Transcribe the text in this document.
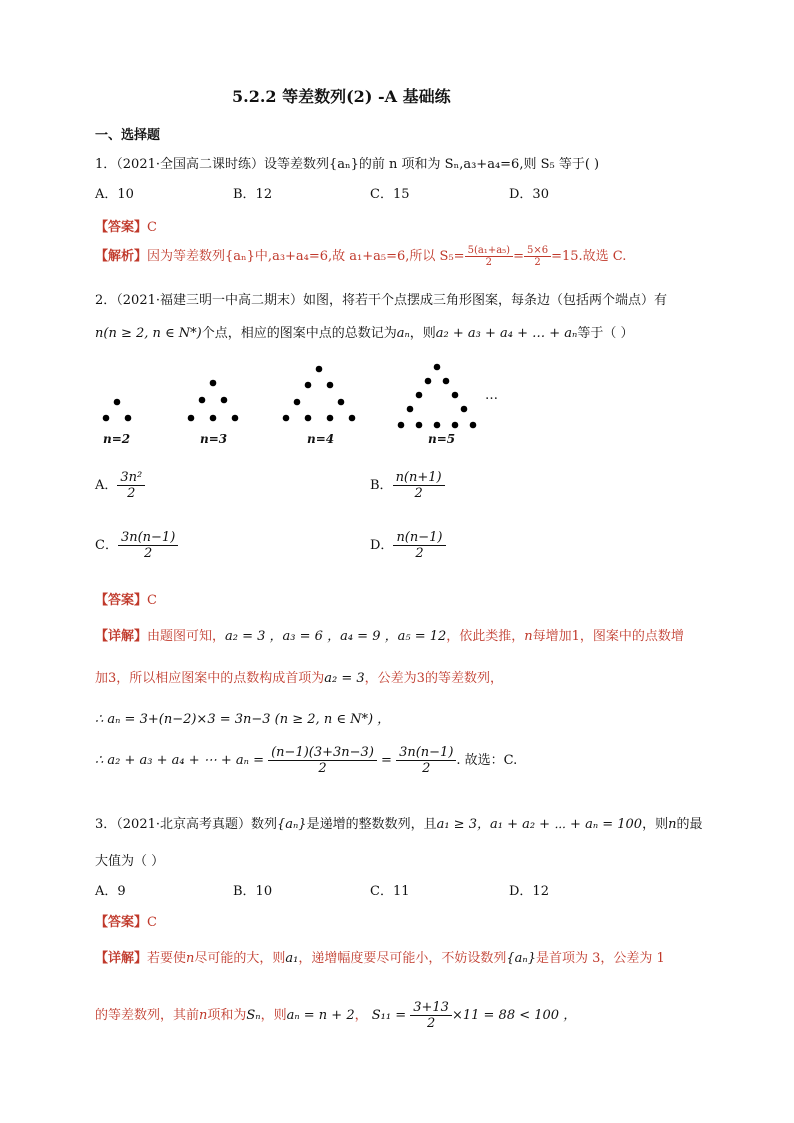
5.2.2 等差数列(2) -A 基础练
一、选择题
1．（2021·全国高二课时练）设等差数列{aₙ}的前 n 项和为 Sₙ,a₃+a₄=6,则 S₅ 等于( )
A．10	B．12	C．15	D．30
【答案】C
【解析】因为等差数列{aₙ}中,a₃+a₄=6,故 a₁+a₅=6,所以 $S_5= \frac{\text{5(a₁+a₅)}}{2} = \frac{5\times 6}{2} =15$.故选 C.
2．（2021·福建三明一中高二期末）如图，将若干个点摆成三角形图案，每条边（包括两个端点）有
n(n ≥ 2, n ∈ N*)个点，相应的图案中点的总数记为aₙ，则a₂ + a₃ + a₄ + … + aₙ等于（ ）
…
n=2	n=3	n=4	n=5
A． $\frac{\text{3n²}}{2}$	B． $\frac{n(n+1)}{2}$
C． $\frac{3n(n-1)}{2}$	D． $\frac{n(n-1)}{2}$
【答案】C
【详解】由题图可知，a₂ = 3 ，a₃ = 6 ，a₄ = 9 ，a₅ = 12，依此类推，n每增加1，图案中的点数增
加3，所以相应图案中的点数构成首项为a₂ = 3，公差为3的等差数列，
∴ aₙ = 3+(n−2)×3 = 3n−3 (n ≥ 2, n ∈ N*) ，
∴ a₂ + a₃ + a₄ + ⋯ + $a_n = \frac{(n-1)(3+3n-3)}{2} = \frac{3n(n-1)}{2}$ . 故选：C.
3．（2021·北京高考真题）数列{aₙ}是递增的整数数列，且a₁ ≥ 3，a₁ + a₂ + ⋯ + aₙ = 100，则n的最
大值为（ ）
A．9	B．10	C．11	D．12
【答案】C
【详解】若要使n尽可能的大，则a₁，递增幅度要尽可能小，不妨设数列{aₙ}是首项为 3，公差为 1
的等差数列，其前n项和为Sₙ，则aₙ = n + 2， $S_{11} = \frac{3+13}{2} \times 11 = 88 < 100$ ，
